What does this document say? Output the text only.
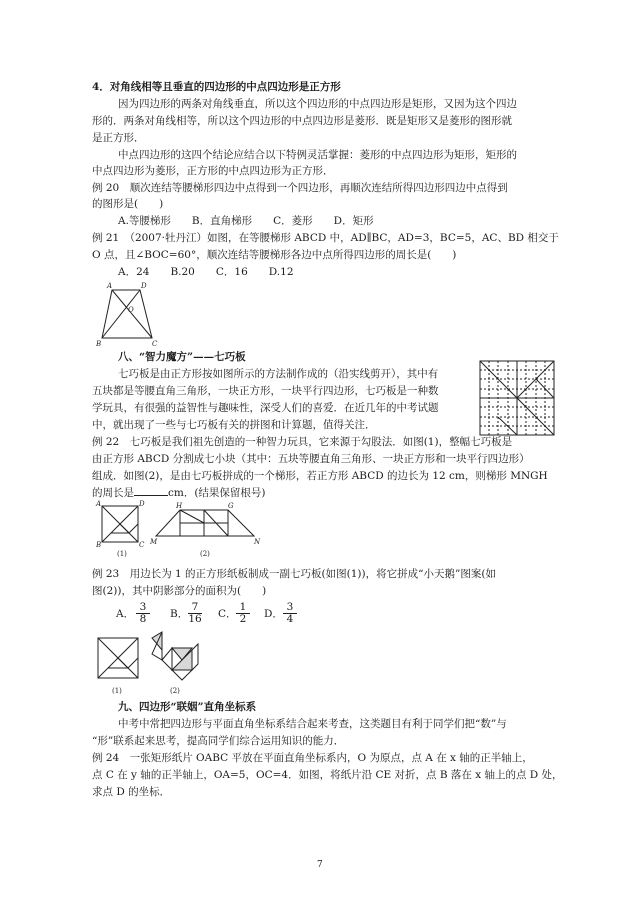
4．对角线相等且垂直的四边形的中点四边形是正方形
因为四边形的两条对角线垂直，所以这个四边形的中点四边形是矩形，又因为这个四边
形的．两条对角线相等，所以这个四边形的中点四边形是菱形．既是矩形又是菱形的图形就
是正方形．
中点四边形的这四个结论应结合以下特例灵活掌握：菱形的中点四边形为矩形，矩形的
中点四边形为菱形，正方形的中点四边形为正方形．
例 20　顺次连结等腰梯形四边中点得到一个四边形，再顺次连结所得四边形四边中点得到
的图形是(　　)
A.等腰梯形　　B．直角梯形　　C．菱形　　D．矩形
例 21　（2007·牡丹江）如图，在等腰梯形 ABCD 中，AD∥BC，AD=3，BC=5，AC、BD 相交于
O 点，且∠BOC=60°，顺次连结等腰梯形各边中点所得四边形的周长是(　　)
A．24　　B.20　　C．16　　D.12
A	D
O
B	C
八、“智力魔方”——七巧板
七巧板是由正方形按如图所示的方法制作成的（沿实线剪开），其中有
五块都是等腰直角三角形，一块正方形，一块平行四边形，七巧板是一种数
学玩具，有很强的益智性与趣味性，深受人们的喜爱．在近几年的中考试题
中，就出现了一些与七巧板有关的拼图和计算题，值得关注．
例 22　七巧板是我们祖先创造的一种智力玩具，它来源于勾股法．如图(1)，整幅七巧板是
由正方形 ABCD 分割成七小块（其中：五块等腰直角三角形、一块正方形和一块平行四边形）
组成．如图(2)，是由七巧板拼成的一个梯形，若正方形 ABCD 的边长为 12 cm，则梯形 MNGH
的周长是	cm．(结果保留根号)
A	D
B	C
(1)
H	G
M	N
(2)
例 23　用边长为 1 的正方形纸板制成一副七巧板(如图(1))，将它拼成“小天鹅”图案(如
图(2))，其中阴影部分的面积为(　　)
A． $\frac{3}{8}$ B． $\frac{7}{16}$ C． $\frac{1}{2}$ D． $\frac{3}{4}$
(1)	(2)
九、四边形“联姻”直角坐标系
中考中常把四边形与平面直角坐标系结合起来考查，这类题目有利于同学们把“数”与
“形”联系起来思考，提高同学们综合运用知识的能力．
例 24　一张矩形纸片 OABC 平放在平面直角坐标系内，O 为原点，点 A 在 x 轴的正半轴上，
点 C 在 y 轴的正半轴上，OA=5，OC=4．如图，将纸片沿 CE 对折，点 B 落在 x 轴上的点 D 处，
求点 D 的坐标．
7
